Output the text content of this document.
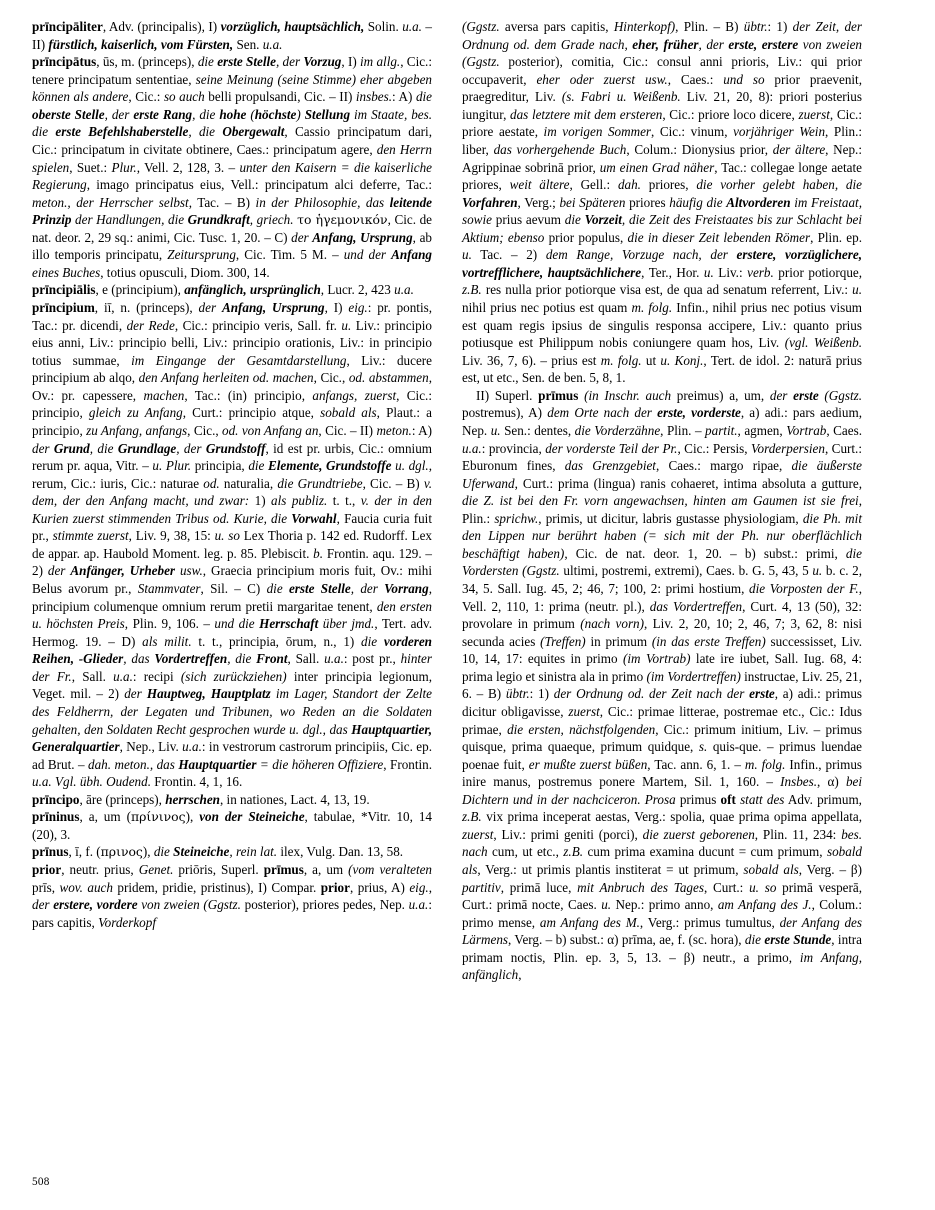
prīncipāliter, Adv. (principalis), I) vorzüglich, hauptsächlich, Solin. u.a. – II) fürstlich, kaiserlich, vom Fürsten, Sen. u.a.
prīncipātus, ūs, m. (princeps), die erste Stelle, der Vorzug, I) im allg., Cic.: tenere principatum sententiae, seine Meinung (seine Stimme) eher abgeben können als andere, Cic.: so auch belli propulsandi, Cic. – II) insbes.: A) die oberste Stelle, der erste Rang, die hohe (höchste) Stellung im Staate, bes. die erste Befehlshaberstelle, die Obergewalt, Cassio principatum dari, Cic.: principatum in civitate obtinere, Caes.: principatum agere, den Herrn spielen, Suet.: Plur., Vell. 2, 128, 3. – unter den Kaisern = die kaiserliche Regierung, imago principatus eius, Vell.: principatum alci deferre, Tac.: meton., der Herrscher selbst, Tac. – B) in der Philosophie, das leitende Prinzip der Handlungen, die Grundkraft, griech. το ἡγεμονικόν, Cic. de nat. deor. 2, 29 sq.: animi, Cic. Tusc. 1, 20. – C) der Anfang, Ursprung, ab illo temporis principatu, Zeitursprung, Cic. Tim. 5 M. – und der Anfang eines Buches, totius opusculi, Diom. 300, 14.
prīncipiālis, e (principium), anfänglich, ursprünglich, Lucr. 2, 423 u.a.
prīncipium, iī, n. (princeps), der Anfang, Ursprung, I) eig.: pr. pontis, Tac.: pr. dicendi, der Rede, Cic.: principio veris, Sall. fr. u. Liv.: principio eius anni, Liv.: principio belli, Liv.: principio orationis, Liv.: in principio totius summae, im Eingange der Gesamtdarstellung, Liv.: ducere principium ab alqo, den Anfang herleiten od. machen, Cic., od. abstammen, Ov.: pr. capessere, machen, Tac.: (in) principio, anfangs, zuerst, Cic.: principio, gleich zu Anfang, Curt.: principio atque, sobald als, Plaut.: a principio, zu Anfang, anfangs, Cic., od. von Anfang an, Cic. – II) meton.: A) der Grund, die Grundlage, der Grundstoff, id est pr. urbis, Cic.: omnium rerum pr. aqua, Vitr. – u. Plur. principia, die Elemente, Grundstoffe u. dgl., rerum, Cic.: iuris, Cic.: naturae od. naturalia, die Grundtriebe, Cic. – B) v. dem, der den Anfang macht, und zwar: 1) als publiz. t. t., v. der in den Kurien zuerst stimmenden Tribus od. Kurie, die Vorwahl, Faucia curia fuit pr., stimmte zuerst, Liv. 9, 38, 15: u. so Lex Thoria p. 142 ed. Rudorff. Lex de appar. ap. Haubold Moment. leg. p. 85. Plebiscit. b. Frontin. aqu. 129. – 2) der Anfänger, Urheber usw., Graecia principium moris fuit, Ov.: mihi Belus avorum pr., Stammvater, Sil. – C) die erste Stelle, der Vorrang, principium columenque omnium rerum pretii margaritae tenent, den ersten u. höchsten Preis, Plin. 9, 106. – und die Herrschaft über jmd., Tert. adv. Hermog. 19. – D) als milit. t. t., principia, ōrum, n., 1) die vorderen Reihen, -Glieder, das Vordertreffen, die Front, Sall. u.a.: post pr., hinter der Fr., Sall. u.a.: recipi (sich zurückziehen) inter principia legionum, Veget. mil. – 2) der Hauptweg, Hauptplatz im Lager, Standort der Zelte des Feldherrn, der Legaten und Tribunen, wo Reden an die Soldaten gehalten, den Soldaten Recht gesprochen wurde u. dgl., das Hauptquartier, Generalquartier, Nep., Liv. u.a.: in vestrorum castrorum principiis, Cic. ep. ad Brut. – dah. meton., das Hauptquartier = die höheren Offiziere, Frontin. u.a. Vgl. übh. Oudend. Frontin. 4, 1, 16.
prīncipo, āre (princeps), herrschen, in nationes, Lact. 4, 13, 19.
prīninus, a, um (πρίνινος), von der Steineiche, tabulae, *Vitr. 10, 14 (20), 3.
prīnus, ī, f. (πρινος), die Steineiche, rein lat. ilex, Vulg. Dan. 13, 58.
prior, neutr. prius, Genet. priōris, Superl. prīmus, a, um (vom veralteten prīs, wov. auch pridem, pridie, pristinus), I) Compar. prior, prius, A) eig., der erstere, vordere von zweien (Ggstz. posterior), priores pedes, Nep. u.a.: pars capitis, Vorderkopf
(Ggstz. aversa pars capitis, Hinterkopf), Plin. – B) übtr.: 1) der Zeit, der Ordnung od. dem Grade nach, eher, früher, der erste, erstere von zweien (Ggstz. posterior), comitia, Cic.: consul anni prioris, Liv.: qui prior occupaverit, eher oder zuerst usw., Caes.: und so prior praevenit, praegreditur, Liv. (s. Fabri u. Weißenb. Liv. 21, 20, 8): priori posterius iungitur, das letztere mit dem ersteren, Cic.: priore loco dicere, zuerst, Cic.: priore aestate, im vorigen Sommer, Cic.: vinum, vorjähriger Wein, Plin.: liber, das vorhergehende Buch, Colum.: Dionysius prior, der ältere, Nep.: Agrippinae sobrinā prior, um einen Grad näher, Tac.: collegae longe aetate priores, weit ältere, Gell.: dah. priores, die vorher gelebt haben, die Vorfahren, Verg.; bei Späteren priores häufig die Altvorderen im Freistaat, sowie prius aevum die Vorzeit, die Zeit des Freistaates bis zur Schlacht bei Aktium; ebenso prior populus, die in dieser Zeit lebenden Römer, Plin. ep. u. Tac. – 2) dem Range, Vorzuge nach, der erstere, vorzüglichere, vortrefflichere, hauptsächlichere, Ter., Hor. u. Liv.: verb. prior potiorque, z.B. res nulla prior potiorque visa est, de qua ad senatum referrent, Liv.: u. nihil prius nec potius est quam m. folg. Infin., nihil prius nec potius visum est quam regis ipsius de singulis responsa accipere, Liv.: quanto prius potiusque est Philippum nobis coniungere quam hos, Liv. (vgl. Weißenb. Liv. 36, 7, 6). – prius est m. folg. ut u. Konj., Tert. de idol. 2: naturā prius est, ut etc., Sen. de ben. 5, 8, 1.
II) Superl. prīmus (in Inschr. auch preimus) a, um, der erste (Ggstz. postremus), A) dem Orte nach der erste, vorderste, a) adi.: pars aedium, Nep. u. Sen.: dentes, die Vorderzähne, Plin. – partit., agmen, Vortrab, Caes. u.a.: provincia, der vorderste Teil der Pr., Cic.: Persis, Vorderpersien, Curt.: Eburonum fines, das Grenzgebiet, Caes.: margo ripae, die äußerste Uferwand, Curt.: prima (lingua) ranis cohaeret, intima absoluta a gutture, die Z. ist bei den Fr. vorn angewachsen, hinten am Gaumen ist sie frei, Plin.: sprichw., primis, ut dicitur, labris gustasse physiologiam, die Ph. mit den Lippen nur berührt haben (= sich mit der Ph. nur oberflächlich beschäftigt haben), Cic. de nat. deor. 1, 20. – b) subst.: primi, die Vordersten (Ggstz. ultimi, postremi, extremi), Caes. b. G. 5, 43, 5 u. b. c. 2, 34, 5. Sall. Iug. 45, 2; 46, 7; 100, 2: primi hostium, die Vorposten der F., Vell. 2, 110, 1: prima (neutr. pl.), das Vordertreffen, Curt. 4, 13 (50), 32: provolare in primum (nach vorn), Liv. 2, 20, 10; 2, 46, 7; 3, 62, 8: nisi secunda acies (Treffen) in primum (in das erste Treffen) successisset, Liv. 10, 14, 17: equites in primo (im Vortrab) late ire iubet, Sall. Iug. 68, 4: prima legio et sinistra ala in primo (im Vordertreffen) instructae, Liv. 25, 21, 6. – B) übtr.: 1) der Ordnung od. der Zeit nach der erste, a) adi.: primus dicitur obligavisse, zuerst, Cic.: primae litterae, postremae etc., Cic.: Idus primae, die ersten, nächstfolgenden, Cic.: primum initium, Liv. – primus quisque, prima quaeque, primum quidque, s. quis-que. – primus luendae poenae fuit, er mußte zuerst büßen, Tac. ann. 6, 1. – m. folg. Infin., primus inire manus, postremus ponere Martem, Sil. 1, 160. – Insbes., α) bei Dichtern und in der nachciceron. Prosa primus oft statt des Adv. primum, z.B. vix prima inceperat aestas, Verg.: spolia, quae prima opima appellata, zuerst, Liv.: primi geniti (porci), die zuerst geborenen, Plin. 11, 234: bes. nach cum, ut etc., z.B. cum prima examina ducunt = cum primum, sobald als, Verg.: ut primis plantis institerat = ut primum, sobald als, Verg. – β) partitiv, primā luce, mit Anbruch des Tages, Curt.: u. so primā vesperā, Curt.: primā nocte, Caes. u. Nep.: primo anno, am Anfang des J., Colum.: primo mense, am Anfang des M., Verg.: primus tumultus, der Anfang des Lärmens, Verg. – b) subst.: α) prīma, ae, f. (sc. hora), die erste Stunde, intra primam noctis, Plin. ep. 3, 5, 13. – β) neutr., a primo, im Anfang, anfänglich,
508
